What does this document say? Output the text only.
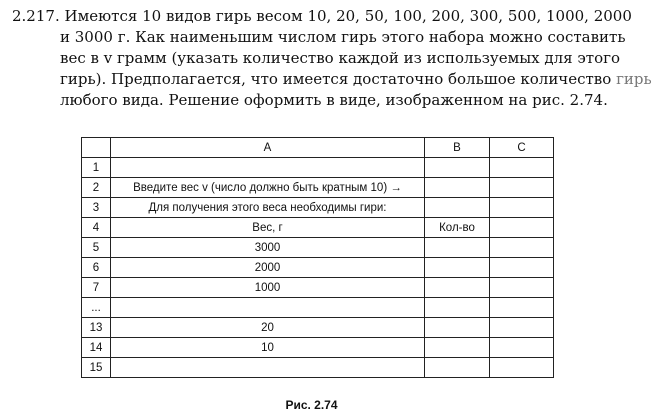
2.217. Имеются 10 видов гирь весом 10, 20, 50, 100, 200, 300, 500, 1000, 2000
и 3000 г. Как наименьшим числом гирь этого набора можно составить
вес в v грамм (указать количество каждой из используемых для этого
гирь). Предполагается, что имеется достаточно большое количество гирь
любого вида. Решение оформить в виде, изображенном на рис. 2.74.
	A	B	C
1			
2	Введите вес v (число должно быть кратным 10) →		
3	Для получения этого веса необходимы гири:		
4	Вес, г	Кол-во	
5	3000		
6	2000		
7	1000		
...			
13	20		
14	10		
15			
Рис. 2.74
